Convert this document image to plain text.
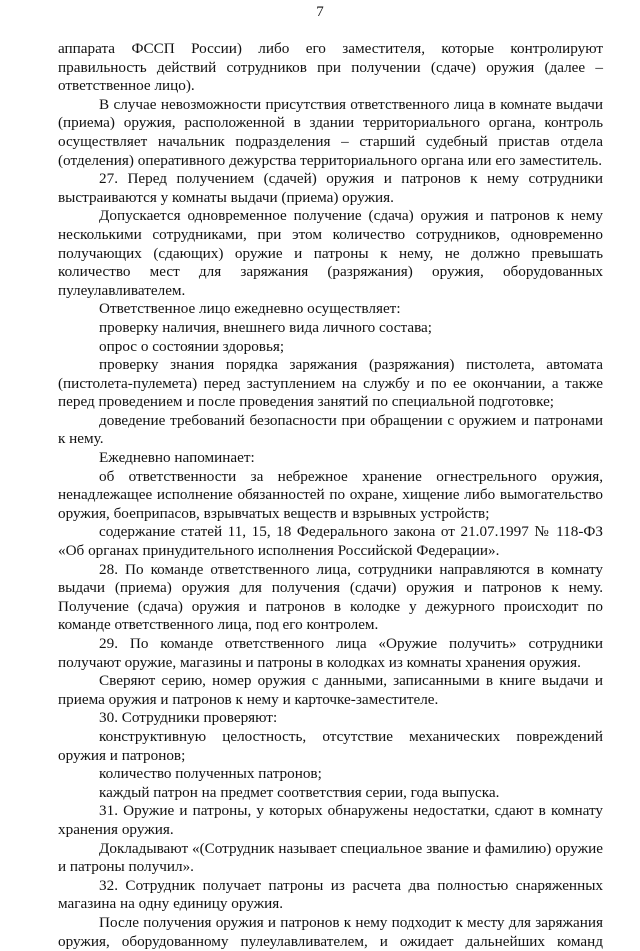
7

аппарата ФССП России) либо его заместителя, которые контролируют правильность действий сотрудников при получении (сдаче) оружия (далее – ответственное лицо).

В случае невозможности присутствия ответственного лица в комнате выдачи (приема) оружия, расположенной в здании территориального органа, контроль осуществляет начальник подразделения – старший судебный пристав отдела (отделения) оперативного дежурства территориального органа или его заместитель.

27. Перед получением (сдачей) оружия и патронов к нему сотрудники выстраиваются у комнаты выдачи (приема) оружия.

Допускается одновременное получение (сдача) оружия и патронов к нему несколькими сотрудниками, при этом количество сотрудников, одновременно получающих (сдающих) оружие и патроны к нему, не должно превышать количество мест для заряжания (разряжания) оружия, оборудованных пулеулавливателем.

Ответственное лицо ежедневно осуществляет:

проверку наличия, внешнего вида личного состава;

опрос о состоянии здоровья;

проверку знания порядка заряжания (разряжания) пистолета, автомата (пистолета-пулемета) перед заступлением на службу и по ее окончании, а также перед проведением и после проведения занятий по специальной подготовке;

доведение требований безопасности при обращении с оружием и патронами к нему.

Ежедневно напоминает:

об ответственности за небрежное хранение огнестрельного оружия, ненадлежащее исполнение обязанностей по охране, хищение либо вымогательство оружия, боеприпасов, взрывчатых веществ и взрывных устройств;

содержание статей 11, 15, 18 Федерального закона от 21.07.1997 № 118-ФЗ «Об органах принудительного исполнения Российской Федерации».

28. По команде ответственного лица, сотрудники направляются в комнату выдачи (приема) оружия для получения (сдачи) оружия и патронов к нему. Получение (сдача) оружия и патронов в колодке у дежурного происходит по команде ответственного лица, под его контролем.

29. По команде ответственного лица «Оружие получить» сотрудники получают оружие, магазины и патроны в колодках из комнаты хранения оружия.

Сверяют серию, номер оружия с данными, записанными в книге выдачи и приема оружия и патронов к нему и карточке-заместителе.

30. Сотрудники проверяют:

конструктивную целостность, отсутствие механических повреждений оружия и патронов;

количество полученных патронов;

каждый патрон на предмет соответствия серии, года выпуска.

31. Оружие и патроны, у которых обнаружены недостатки, сдают в комнату хранения оружия.

Докладывают «(Сотрудник называет специальное звание и фамилию) оружие и патроны получил».

32. Сотрудник получает патроны из расчета два полностью снаряженных магазина на одну единицу оружия.

После получения оружия и патронов к нему подходит к месту для заряжания оружия, оборудованному пулеулавливателем, и ожидает дальнейших команд
